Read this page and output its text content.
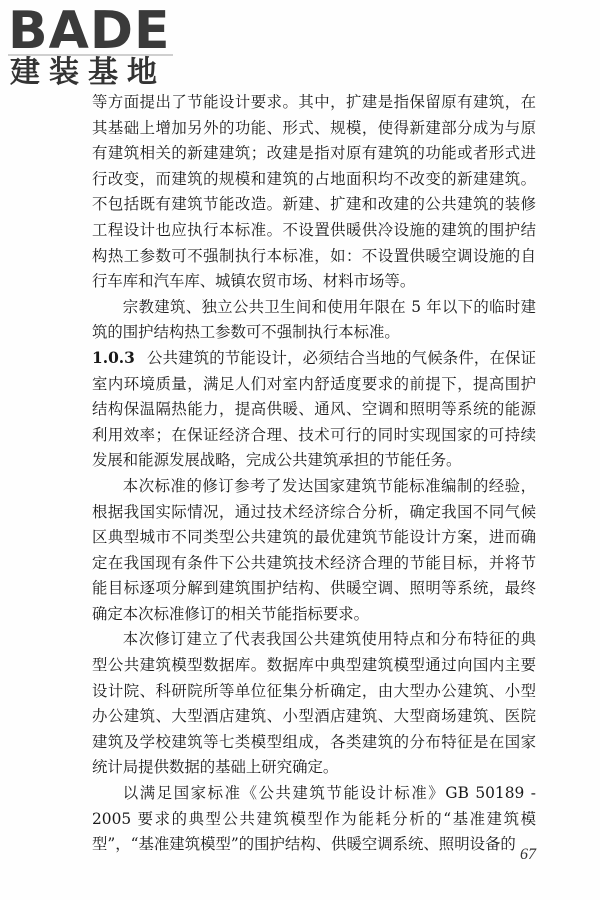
BADE
建装基地

等方面提出了节能设计要求。其中，扩建是指保留原有建筑，在其基础上增加另外的功能、形式、规模，使得新建部分成为与原有建筑相关的新建建筑；改建是指对原有建筑的功能或者形式进行改变，而建筑的规模和建筑的占地面积均不改变的新建建筑。不包括既有建筑节能改造。新建、扩建和改建的公共建筑的装修工程设计也应执行本标准。不设置供暖供冷设施的建筑的围护结构热工参数可不强制执行本标准，如：不设置供暖空调设施的自行车库和汽车库、城镇农贸市场、材料市场等。

宗教建筑、独立公共卫生间和使用年限在 5 年以下的临时建筑的围护结构热工参数可不强制执行本标准。

1.0.3 公共建筑的节能设计，必须结合当地的气候条件，在保证室内环境质量，满足人们对室内舒适度要求的前提下，提高围护结构保温隔热能力，提高供暖、通风、空调和照明等系统的能源利用效率；在保证经济合理、技术可行的同时实现国家的可持续发展和能源发展战略，完成公共建筑承担的节能任务。

本次标准的修订参考了发达国家建筑节能标准编制的经验，根据我国实际情况，通过技术经济综合分析，确定我国不同气候区典型城市不同类型公共建筑的最优建筑节能设计方案，进而确定在我国现有条件下公共建筑技术经济合理的节能目标，并将节能目标逐项分解到建筑围护结构、供暖空调、照明等系统，最终确定本次标准修订的相关节能指标要求。

本次修订建立了代表我国公共建筑使用特点和分布特征的典型公共建筑模型数据库。数据库中典型建筑模型通过向国内主要设计院、科研院所等单位征集分析确定，由大型办公建筑、小型办公建筑、大型酒店建筑、小型酒店建筑、大型商场建筑、医院建筑及学校建筑等七类模型组成，各类建筑的分布特征是在国家统计局提供数据的基础上研究确定。

以满足国家标准《公共建筑节能设计标准》GB 50189 - 2005 要求的典型公共建筑模型作为能耗分析的“基准建筑模型”，“基准建筑模型”的围护结构、供暖空调系统、照明设备的

67
